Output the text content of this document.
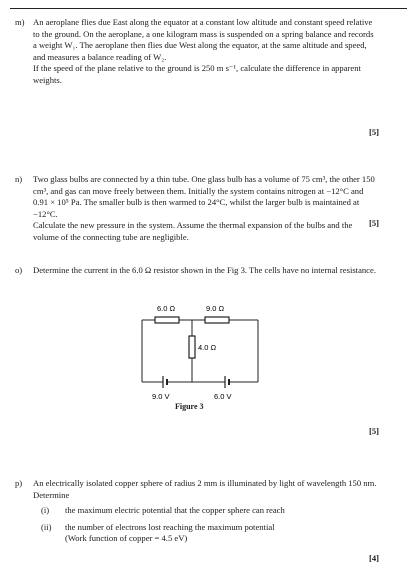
m) An aeroplane flies due East along the equator at a constant low altitude and constant speed relative to the ground. On the aeroplane, a one kilogram mass is suspended on a spring balance and records a weight W₁. The aeroplane then flies due West along the equator, at the same altitude and speed, and measures a balance reading of W₂.

If the speed of the plane relative to the ground is 250 m s⁻¹, calculate the difference in apparent weights.

[5]
n) Two glass bulbs are connected by a thin tube. One glass bulb has a volume of 75 cm³, the other 150 cm³, and gas can move freely between them. Initially the system contains nitrogen at −12°C and 0.91 × 10⁵ Pa. The smaller bulb is then warmed to 24°C, whilst the larger bulb is maintained at −12°C.

Calculate the new pressure in the system. Assume the thermal expansion of the bulbs and the volume of the connecting tube are negligible.

[5]
o) Determine the current in the 6.0 Ω resistor shown in the Fig 3. The cells have no internal resistance.

6.0 Ω	9.0 Ω
4.0 Ω
9.0 V	6.0 V
Figure 3
[5]
p) An electrically isolated copper sphere of radius 2 mm is illuminated by light of wavelength 150 nm. Determine

(i) the maximum electric potential that the copper sphere can reach
(ii) the number of electrons lost reaching the maximum potential
(Work function of copper = 4.5 eV)
[4]
